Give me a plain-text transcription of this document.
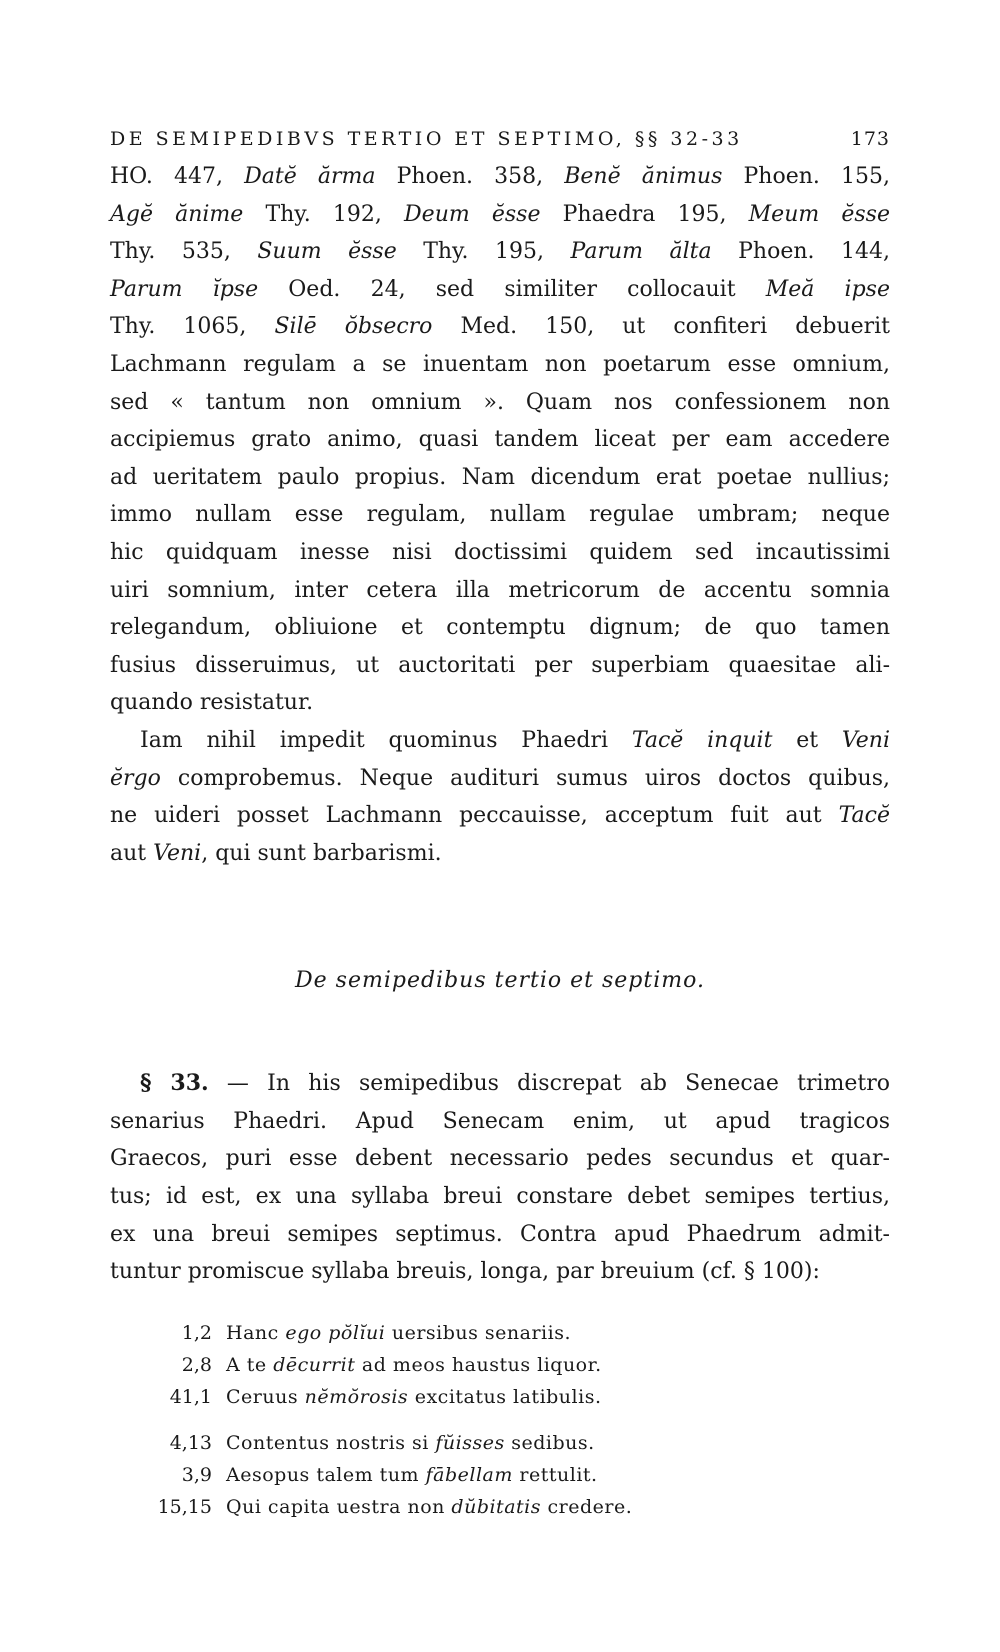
DE SEMIPEDIBVS TERTIO ET SEPTIMO, §§ 32-33	173
HO. 447, Datĕ ărma Phoen. 358, Benĕ ănimus Phoen. 155,
Agĕ ănime Thy. 192, Deum ĕsse Phaedra 195, Meum ĕsse
Thy. 535, Suum ĕsse Thy. 195, Parum ălta Phoen. 144,
Parum ĭpse Oed. 24, sed similiter collocauit Meă ipse
Thy. 1065, Silē ŏbsecro Med. 150, ut confiteri debuerit
Lachmann regulam a se inuentam non poetarum esse omnium,
sed « tantum non omnium ». Quam nos confessionem non
accipiemus grato animo, quasi tandem liceat per eam accedere
ad ueritatem paulo propius. Nam dicendum erat poetae nullius;
immo nullam esse regulam, nullam regulae umbram; neque
hic quidquam inesse nisi doctissimi quidem sed incautissimi
uiri somnium, inter cetera illa metricorum de accentu somnia
relegandum, obliuione et contemptu dignum; de quo tamen
fusius disseruimus, ut auctoritati per superbiam quaesitae ali-
quando resistatur.
Iam nihil impedit quominus Phaedri Tacĕ inquit et Veni
ĕrgo comprobemus. Neque audituri sumus uiros doctos quibus,
ne uideri posset Lachmann peccauisse, acceptum fuit aut Tacĕ
aut Veni, qui sunt barbarismi.
De semipedibus tertio et septimo.
§ 33. — In his semipedibus discrepat ab Senecae trimetro
senarius Phaedri. Apud Senecam enim, ut apud tragicos
Graecos, puri esse debent necessario pedes secundus et quar-
tus; id est, ex una syllaba breui constare debet semipes tertius,
ex una breui semipes septimus. Contra apud Phaedrum admit-
tuntur promiscue syllaba breuis, longa, par breuium (cf. § 100):
1,2 Hanc ego pŏlĭui uersibus senariis.
2,8 A te dēcurrit ad meos haustus liquor.
41,1 Ceruus nĕmŏrosis excitatus latibulis.
4,13 Contentus nostris si fŭisses sedibus.
3,9 Aesopus talem tum fābellam rettulit.
15,15 Qui capita uestra non dŭbitatis credere.
